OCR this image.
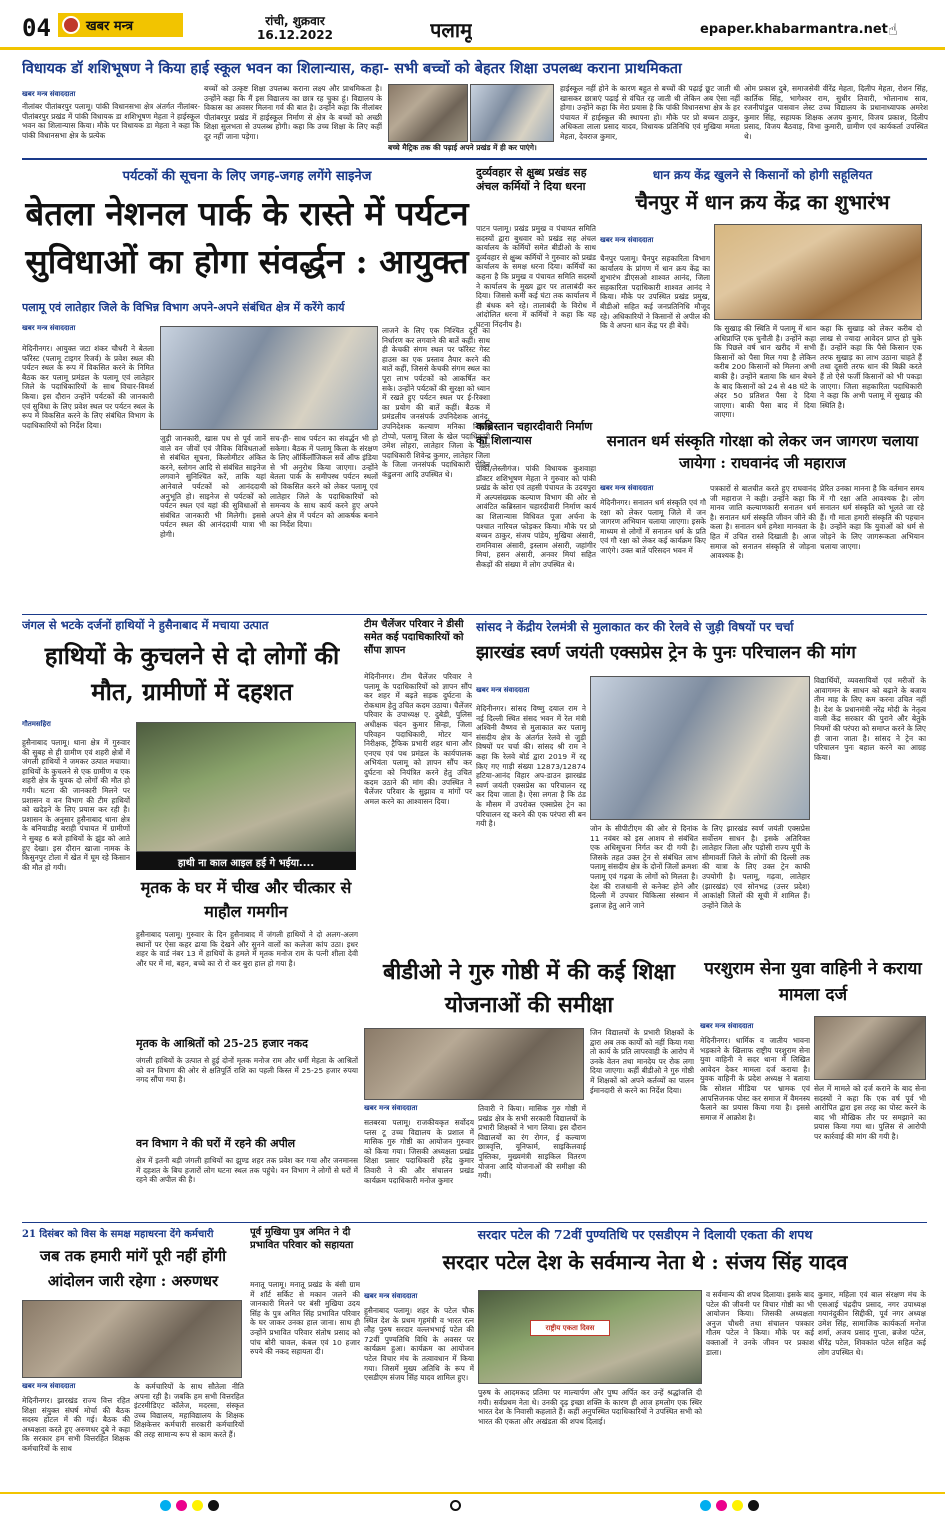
04	खबर मन्त्र	रांची, शुक्रवार
16.12.2022	पलामू	epaper.khabarmantra.net ☝
विधायक डॉ शशिभूषण ने किया हाई स्कूल भवन का शिलान्यास, कहा- सभी बच्चों को बेहतर शिक्षा उपलब्ध कराना प्राथमिकता
खबर मन्त्र संवाददाता
नीलांबर पीतांबरपुर पलामू। पांकी विधानसभा क्षेत्र अंतर्गत नीलांबर-पीतांबरपुर प्रखंड में पांकी विधायक डा शशिभूषण मेहता ने हाईस्कूल भवन का शिलान्यास किया। मौके पर विधायक डा मेहता ने कहा कि पांकी विधानसभा क्षेत्र के प्रत्येक
बच्चों को उत्कृष्ट शिक्षा उपलब्ध कराना लक्ष्य और प्राथमिकता है। उन्होंने कहा कि मैं इस विद्यालय का छात्र रह चुका हूं। विद्यालय के विकास का अवसर मिलना गर्व की बात है। उन्होंने कहा कि नीलांबर पीतांबरपुर प्रखंड में हाईस्कूल निर्माण से क्षेत्र के बच्चों को अच्छी शिक्षा सुलभता से उपलब्ध होगी। कहा कि उच्च शिक्षा के लिए कहीं दूर नहीं जाना पड़ेगा।
बच्चे मैट्रिक तक की पढ़ाई अपने प्रखंड में ही कर पाएंगे।
हाईस्कूल नहीं होने के कारण बहुत से बच्चों की पढ़ाई छूट जाती थी खासकर छात्राएं पढ़ाई से वंचित रह जाती थी लेकिन अब ऐसा नहीं होगा। उन्होंने कहा कि मेरा प्रयास है कि पांकी विधानसभा क्षेत्र के हर पंचायत में हाईस्कूल की स्थापना हो। मौके पर प्रो बच्चन ठाकुर, अधिकता लाला प्रसाद यादव, विधायक प्रतिनिधि एवं मुखिया ममता मेहता, देवराज कुमार,
ओम प्रकाश दुबे, समाजसेवी वीरेंद्र मेहता, दिलीप मेहता, रोशन सिंह, कार्तिक सिंह, भागेश्वर राम, सुधीर तिवारी, भोलानाथ साव, रजनीपांडुल पासवान लेस्ट उच्च विद्यालय के प्रधानाध्यापक अमरेश कुमार सिंह, सहायक शिक्षक अजय कुमार, विजय प्रकाश, दिलीप प्रसाद, विजय बैठवाड़, विभा कुमारी, ग्रामीण एवं कार्यकर्ता उपस्थित थे।
पर्यटकों की सूचना के लिए जगह-जगह लगेंगे साइनेज
बेतला नेशनल पार्क के रास्ते में पर्यटन सुविधाओं का होगा संवर्द्धन : आयुक्त
पलामू एवं लातेहार जिले के विभिन्न विभाग अपने-अपने संबंधित क्षेत्र में करेंगे कार्य
खबर मन्त्र संवाददाता
मेदिनीनगर। आयुक्त जटा शंकर चौधरी ने बेतला फॉरेस्ट (पलामू टाइगर रिजर्व) के प्रवेश स्थल की पर्यटन स्थल के रूप में विकसित करने के निमित बैठक कर पलामू प्रमंडल के पलामू एवं लातेहार जिले के पदाधिकारियों के साथ विचार-विमर्श किया। इस दौरान उन्होंने पर्यटकों की जानकारी एवं सुविधा के लिए प्रवेश स्थल पर पर्यटन स्थल के रूप में विकसित करने के लिए संबंधित विभाग के पदाधिकारियों को निर्देश दिया।
जुड़ी जानकारी, खास पथ से पूर्व जानें वाले वन जीवों एवं जैविक विविधताओं से संबंधित सूचना, किलोमीटर अंकित करने, स्लोगन आदि से संबंधित साइनेज लगवाने सुनिश्चित करें, ताकि यहां आनेवाले पर्यटकों को आनंददायी अनुभूति हो। साइनेज से पर्यटकों को पर्यटन स्थल एवं यहां की सुविधाओं से संबंधित जानकारी भी मिलेगी। इससे पर्यटन स्थल की आनंददायी यात्रा भी होगी।
सच-ही- साथ पर्यटन का संवर्द्धन भी हो सकेगा। बैठक में पलामू किला के संरक्षण के लिए ऑर्किलॉजिकल सर्वे ऑफ इंडिया से भी अनुरोध किया जाएगा। उन्होंने बेतला पार्क के समीपस्थ पर्यटन स्थलों को विकसित करने को लेकर पलामू एवं लातेहार जिले के पदाधिकारियों को समन्वय के साथ कार्य करने हुए अपने अपने क्षेत्र में पर्यटन को आकर्षक बनाने का निर्देश दिया।
लाजने के लिए एक निश्चित दूरी का निर्धारण कर लगवाने की बातें कहीं। साथ ही केचकी संगम स्थल पर फॉरेस्ट गेस्ट हाउस का एक प्रस्ताव तैयार करने की बातें कहीं, जिससे केचकी संगम स्थल का पूरा लाभ पर्यटकों को आकर्षित कर सके। उन्होंने पर्यटकों की सुरक्षा को ध्यान में रखते हुए पर्यटन स्थल पर ई-रिक्शा का प्रयोग की बातें कहीं। बैठक में प्रमंडलीय जनसंपर्क उपनिदेशक आनंद, उपनिदेशक कल्याण मनिका निवास टोप्पो, पलामू जिला के खेल पदाधिकारी उमेश लोहरा, लातेहार जिला के खेल पदाधिकारी शिवेन्द्र कुमार, लातेहार जिला के जिला जनसंपर्क पदाधिकारी रोहित कंडुलना आदि उपस्थित थे।
दुर्व्यवहार से क्षुब्ध प्रखंड सह अंचल कर्मियों ने दिया धरना
पाटन पलामू। प्रखंड प्रमुख व पंचायत समिति सदस्यों द्वारा बुधवार को प्रखंड सह अंचल कार्यालय के कर्मियों समेत बीडीओ के साथ दुर्व्यवहार से क्षुब्ध कर्मियों ने गुरुवार को प्रखंड कार्यालय के समक्ष धरना दिया। कर्मियों का कहना है कि प्रमुख व पंचायत समिति सदस्यों ने कार्यालय के मुख्य द्वार पर तालाबंदी कर दिया। जिससे कर्मी कई घंटा तक कार्यालय में ही बंधक बने रहे। तालाबंदी के विरोध में आंदोलित धरना में कर्मियों ने कहा कि यह घटना निंदनीय है।
कब्रिस्तान चहारदीवारी निर्माण का शिलान्यास
पांकी/लेस्लीगंज। पांकी विधायक कुशवाहा डॉक्टर शशिभूषण मेहता ने गुरुवार को पांकी प्रखंड के कोरा एवं तहसी पंचायत के उदयपुरा में अल्पसंख्यक कल्याण विभाग की ओर से आवंटित कब्रिस्तान चहारदीवारी निर्माण कार्य का शिलान्यास विधिवत पूजा अर्चना के पश्चात नारियल फोड़कर किया। मौके पर प्रो बच्चन ठाकुर, संजय पांडेय, मुखिया अंसारी, रामनिवास अंसारी, इस्लाम अंसारी, जहांगीर मियां, हसन अंसारी, अनवर मियां सहित सैकड़ों की संख्या में लोग उपस्थित थे।
धान क्रय केंद्र खुलने से किसानों को होगी सहूलियत
चैनपुर में धान क्रय केंद्र का शुभारंभ
खबर मन्त्र संवाददाता
चैनपुर पलामू। चैनपुर सहकारिता विभाग कार्यालय के प्रांगण में धान क्रय केंद्र का शुभारंभ डीएसओ शाश्वत आनंद, जिला सहकारिता पदाधिकारी शाश्वत आनंद ने किया। मौके पर उपस्थित प्रखंड प्रमुख, बीडीओ सहित कई जनप्रतिनिधि मौजूद रहे। अधिकारियों ने किसानों से अपील की कि वे अपना धान केंद्र पर ही बेचें।	कि सुखाड़ की स्थिति में पलामू में धान अधिप्राप्ति एक चुनौती है। उन्होंने कहा कि पिछले वर्ष धान खरीद में सभी किसानों को पैसा मिल गया है लेकिन करीब 200 किसानों को मिलना अभी बाकी है। उन्होंने बताया कि धान बेचने के बाद किसानों को 24 से 48 घंटे के अंदर 50 प्रतिशत पैसा दे दिया जाएगा। बाकी पैसा बाद में दिया जाएगा।
कहा कि सुखाड़ को लेकर करीब दो लाख से ज्यादा आवेदन प्राप्त हो चुके हैं। उन्होंने कहा कि पैसे किसान एक तरफ सुखाड़ का लाभ उठाना चाहते हैं तथा दूसरी तरफ धान की बिक्री करते हैं तो ऐसे फर्जी किसानों को भी पकड़ा जाएगा। जिला सहकारिता पदाधिकारी ने कहा कि अभी पलामू में सुखाड़ की स्थिति है।
सनातन धर्म संस्कृति गोरक्षा को लेकर जन जागरण चलाया जायेगा : राघवानंद जी महाराज
खबर मन्त्र संवाददाता
मेदिनीनगर। सनातन धर्म संस्कृति एवं गौ रक्षा को लेकर पलामू जिले में जन जागरण अभियान चलाया जाएगा। इसके माध्यम से लोगों में सनातन धर्म के प्रति एवं गौ रक्षा को लेकर कई कार्यक्रम किए जाएंगे। उक्त बातें परिसदन भवन में
पत्रकारों से बातचीत करते हुए राघवानंद जी महाराज ने कही। उन्होंने कहा कि मानव जाति कल्याणकारी सनातन धर्म है। सनातन धर्म संस्कृति जीवन जीने की कला है। सनातन धर्म हमेशा मानवता के हित में उचित रास्ते दिखाती है। आज समाज को सनातन संस्कृति से जोड़ना आवश्यक है।
प्रेरित उनका मानना है कि वर्तमान समय में गौ रक्षा अति आवश्यक है। लोग सनातन धर्म संस्कृति को भूलते जा रहे हैं। गौ माता हमारी संस्कृति की पहचान है। उन्होंने कहा कि युवाओं को धर्म से जोड़ने के लिए जागरूकता अभियान चलाया जाएगा।
जंगल से भटके दर्जनों हाथियों ने हुसैनाबाद में मचाया उत्पात
हाथियों के कुचलने से दो लोगों की मौत, ग्रामीणों में दहशत
गौतमसहिरा
हुसैनाबाद पलामू। थाना क्षेत्र में गुरुवार की सुबह से ही ग्रामीण एवं शहरी क्षेत्रों में जंगली हाथियों ने जमकर उत्पात मचाया। हाथियों के कुचलने से एक ग्रामीण व एक शहरी क्षेत्र के युवक दो लोगों की मौत हो गयी। घटना की जानकारी मिलने पर प्रशासन व वन विभाग की टीम हाथियों को खदेड़ने के लिए प्रयास कर रही है। प्रशासन के अनुसार हुसैनाबाद थाना क्षेत्र के बनियाडीह बराही पंचायत में ग्रामीणों ने सुबह 6 बजे हाथियों के झुंड को आते हुए देखा। इस दौरान खाजा नामक के किसुनपुर टोला में खेत में घूम रहे किसान की मौत हो गयी।	हाथी ना काल आइल हई गे भईया....
मृतक के घर में चीख और चीत्कार से माहौल गमगीन
हुसैनाबाद पलामू। गुरुवार के दिन हुसैनाबाद में जंगली हाथियों ने दो अलग-अलग स्थानों पर ऐसा कहर ढाया कि देखने और सुनने वालों का कलेजा कांप उठा। इधर शहर के वार्ड नंबर 13 में हाथियों के हमले में मृतक मनोज राम के पत्नी शीला देवी और घर में मां, बहन, बच्चे का रो रो कर बुरा हाल हो गया है।
मृतक के आश्रितों को 25-25 हजार नकद
जंगली हाथियों के उत्पात से हुई दोनों मृतक मनोज राम और धर्मी मेहता के आश्रितों को वन विभाग की ओर से क्षतिपूर्ति राशि का पहली किस्त में 25-25 हजार रुपया नगद सौंपा गया है।
वन विभाग ने की घरों में रहने की अपील
क्षेत्र में इतनी बड़ी जंगली हाथियों का झुण्ड शहर तक प्रवेश कर गया और जनमानस में दहशत के बिच हजारों लोग घटना स्थल तक पहुंचे। वन विभाग ने लोगों से घरों में रहने की अपील की है।
टीम चैलेंजर परिवार ने डीसी समेत कई पदाधिकारियों को सौंपा ज्ञापन
मेदिनीनगर। टीम चैलेंजर परिवार ने पलामू के पदाधिकारियों को ज्ञापन सौंप कर शहर में बढ़ते सड़क दुर्घटना के रोकथाम हेतु उचित कदम उठाया। चैलेंजर परिवार के उपाध्यक्ष ए. दुबेडी, पुलिस अधीक्षक चंदन कुमार सिन्हा, जिला परिवहन पदाधिकारी, मोटर यान निरीक्षक, ट्रैफिक प्रभारी शहर थाना और एनएच एवं पथ प्रमंडल के कार्यपालक अभियंता पलामू को ज्ञापन सौंप कर दुर्घटना को नियंत्रित करने हेतु उचित कदम उठाने की मांग की। उपस्थित ने चैलेंजर परिवार के सुझाव व मांगों पर अमल करने का आश्वासन दिया।
सांसद ने केंद्रीय रेलमंत्री से मुलाकात कर की रेलवे से जुड़ी विषयों पर चर्चा
झारखंड स्वर्ण जयंती एक्सप्रेस ट्रेन के पुनः परिचालन की मांग
खबर मन्त्र संवाददाता
मेदिनीनगर। सांसद विष्णु दयाल राम ने नई दिल्ली स्थित संसद भवन में रेल मंत्री अश्विनी वैष्णव से मुलाकात कर पलामू संसदीय क्षेत्र के अंतर्गत रेलवे से जुड़ी विषयों पर चर्चा की। सांसद श्री राम ने कहा कि रेलवे बोर्ड द्वारा 2019 में रद्द किए गए गाड़ी संख्या 12873/12874 हटिया-आनंद विहार अप-डाउन झारखंड स्वर्ण जयंती एक्सप्रेस का परिचालन रद्द कर दिया जाता है। ऐसा लगता है कि ठंड के मौसम में उपरोक्त एक्सप्रेस ट्रेन का परिचालन रद्द करने की एक परंपरा सी बन गयी है।
जोन के सीपीटीएम की ओर से दिनांक 11 नवंबर को इस आशय से संबंधित एक अधिसूचना निर्गत कर दी गयी है। जिसके तहत उक्त ट्रेन से संबंधित लाभ पलामू संसदीय क्षेत्र के दोनों जिलों क्रमशः पलामू एवं गढ़वा के लोगों को मिलता है। देश की राजधानी से कनेक्ट होने और दिल्ली में उपचार चिकित्सा संस्थान में इलाज हेतु आने जाने
के लिए झारखंड स्वर्ण जयंती एक्सप्रेस सर्वोत्तम साधन है। इसके अतिरिक्त लातेहार जिला और पड़ोसी राज्य यूपी के सीमावर्ती जिले के लोगों की दिल्ली तक की यात्रा के लिए उक्त ट्रेन काफी उपयोगी है। पलामू, गढ़वा, लातेहार (झारखंड) एवं सोनभद्र (उत्तर प्रदेश) आकांक्षी जिलों की सूची में शामिल हैं। उन्होंने जिले के
विद्यार्थियों, व्यवसायियों एवं मरीजों के आवागमन के साधन को बढ़ाने के बजाय तीन माह के लिए कम करना उचित नहीं है। देश के प्रधानमंत्री नरेंद्र मोदी के नेतृत्व वाली केंद्र सरकार की पुराने और बेतुके नियमों की परंपरा को समाप्त करने के लिए ही जाना जाता है। सांसद ने ट्रेन का परिचालन पुनः बहाल करने का आग्रह किया।
बीडीओ ने गुरु गोष्ठी में की कई शिक्षा योजनाओं की समीक्षा
खबर मन्त्र संवाददाता
सतबरवा पलामू। राजकीयकृत सर्वोदय प्लस टू उच्च विद्यालय के प्रशाल में मासिक गुरु गोष्ठी का आयोजन गुरुवार को किया गया। जिसकी अध्यक्षता प्रखंड शिक्षा प्रसार पदाधिकारी हरेंद्र कुमार तिवारी ने की और संचालन प्रखंड कार्यक्रम पदाधिकारी मनोज कुमार
तिवारी ने किया। मासिक गुरु गोष्ठी में प्रखंड क्षेत्र के सभी सरकारी विद्यालयों के प्रभारी शिक्षकों ने भाग लिया। इस दौरान विद्यालयों का रंग रोगन, ई कल्याण छात्रवृत्ति, यूनिफार्म, साइकिलवाई पुस्तिका, मुख्यमंत्री साइकिल वितरण योजना आदि योजनाओं की समीक्षा की गयी।
जिन विद्यालयों के प्रभारी शिक्षकों के द्वारा अब तक कार्यों को नहीं किया गया तो कार्य के प्रति लापरवाही के आरोप में उनके वेतन तथा मानदेय पर रोक लगा दिया जाएगा। कहीं बीडीओ ने गुरु गोष्ठी में शिक्षकों को अपने कर्तव्यों का पालन ईमानदारी से करने का निर्देश दिया।
परशुराम सेना युवा वाहिनी ने कराया मामला दर्ज
खबर मन्त्र संवाददाता
मेदिनीनगर। धार्मिक व जातीय भावना भड़काने के खिलाफ राष्ट्रीय परशुराम सेना युवा वाहिनी ने सदर थाना में लिखित आवेदन देकर मामला दर्ज कराया है। युवक वाहिनी के प्रदेश अध्यक्ष ने बताया कि सोशल मीडिया पर भ्रामक एवं आपत्तिजनक पोस्ट कर समाज में वैमनस्य फैलाने का प्रयास किया गया है। इससे समाज में आक्रोश है।
सेल में मामले को दर्ज कराने के बाद सेना सदस्यों ने कहा कि एक वर्ष पूर्व भी आरोपित द्वारा इस तरह का पोस्ट करने के बाद भी मौखिक तौर पर समझाने का प्रयास किया गया था। पुलिस से आरोपी पर कार्रवाई की मांग की गयी है।
21 दिसंबर को विस के समक्ष महाधरना देंगे कर्मचारी
जब तक हमारी मांगें पूरी नहीं होंगी आंदोलन जारी रहेगा : अरुणधर
खबर मन्त्र संवाददाता
मेदिनीनगर। झारखंड राज्य वित्त रहित शिक्षा संयुक्त संघर्ष मोर्चा की बैठक सदस्य होटल में की गई। बैठक की अध्यक्षता करते हुए अरुणधर दुबे ने कहा कि सरकार हम सभी वित्तरहित शिक्षक कर्मचारियों के साथ
के कर्मचारियों के साथ सौतेला नीति अपना रही है। जबकि हम सभी वित्तरहित इंटरमीडिएट कॉलेज, मदरसा, संस्कृत उच्च विद्यालय, महाविद्यालय के शिक्षक शिक्षकेत्तर कर्मचारी सरकारी कर्मचारियों की तरह सामान्य रूप से काम करते हैं।
पूर्व मुखिया पुत्र अमित ने दी प्रभावित परिवार को सहायता
मनातू पलामू। मनातू प्रखंड के बंसी ग्राम में शॉर्ट सर्किट से मकान जलने की जानकारी मिलने पर बंसी मुखिया उदय सिंह के पुत्र अमित सिंह प्रभावित परिवार के घर जाकर उनका हाल जाना। साथ ही उन्होंने प्रभावित परिवार संतोष प्रसाद को पांच बोरी चावल, कंबल एवं 10 हजार रुपये की नकद सहायता दी।
सरदार पटेल की 72वीं पुण्यतिथि पर एसडीएम ने दिलायी एकता की शपथ
सरदार पटेल देश के सर्वमान्य नेता थे : संजय सिंह यादव
खबर मन्त्र संवाददाता
हुसैनाबाद पलामू। शहर के पटेल चौक स्थित देश के प्रथम गृहमंत्री व भारत रत्न लौह पुरुष सरदार वल्लभभाई पटेल की 72वीं पुण्यतिथि विधि के अवसर पर कार्यक्रम हुआ। कार्यक्रम का आयोजन पटेल विचार मंच के तत्वावधान में किया गया। जिसमें मुख्य अतिथि के रूप में एसडीएम संजय सिंह यादव शामिल हुए।
राष्ट्रीय एकता दिवस
पुरुष के आदमकद प्रतिमा पर माल्यार्पण और पुष्प अर्पित कर उन्हें श्रद्धांजलि दी गयी। सर्वप्रथम नेता थे। उनकी दृढ़ इच्छा शक्ति के कारण ही आज हमलोग एक स्थिर भारत देश के निवासी कहलाते हैं। कहीं अनुपस्थित पदाधिकारियों ने उपस्थित सभी को भारत की एकता और अखंडता की शपथ दिलाई।
व सर्वमान्य की शपथ दिलाया। इसके बाद पटेल की जीवनी पर विचार गोष्ठी का भी आयोजन किया। जिसकी अध्यक्षता अनुज चौधरी तथा संचालन पत्रकार गौतम पटेल ने किया। मौके पर कई वक्ताओं ने उनके जीवन पर प्रकाश डाला।
कुमार, महिला एवं बाल संरक्षण मंच के एसआई चंद्रदीप प्रसाद, नगर उपाध्यक्ष गयानंदुकीन सिद्दीकी, पूर्व नगर अध्यक्ष उमेश सिंह, सामाजिक कार्यकर्ता मनोज शर्मा, अजय प्रसाद गुप्ता, ब्रजेश पटेल, धीरेंद्र पटेल, शिवकांत पटेल सहित कई लोग उपस्थित थे।
